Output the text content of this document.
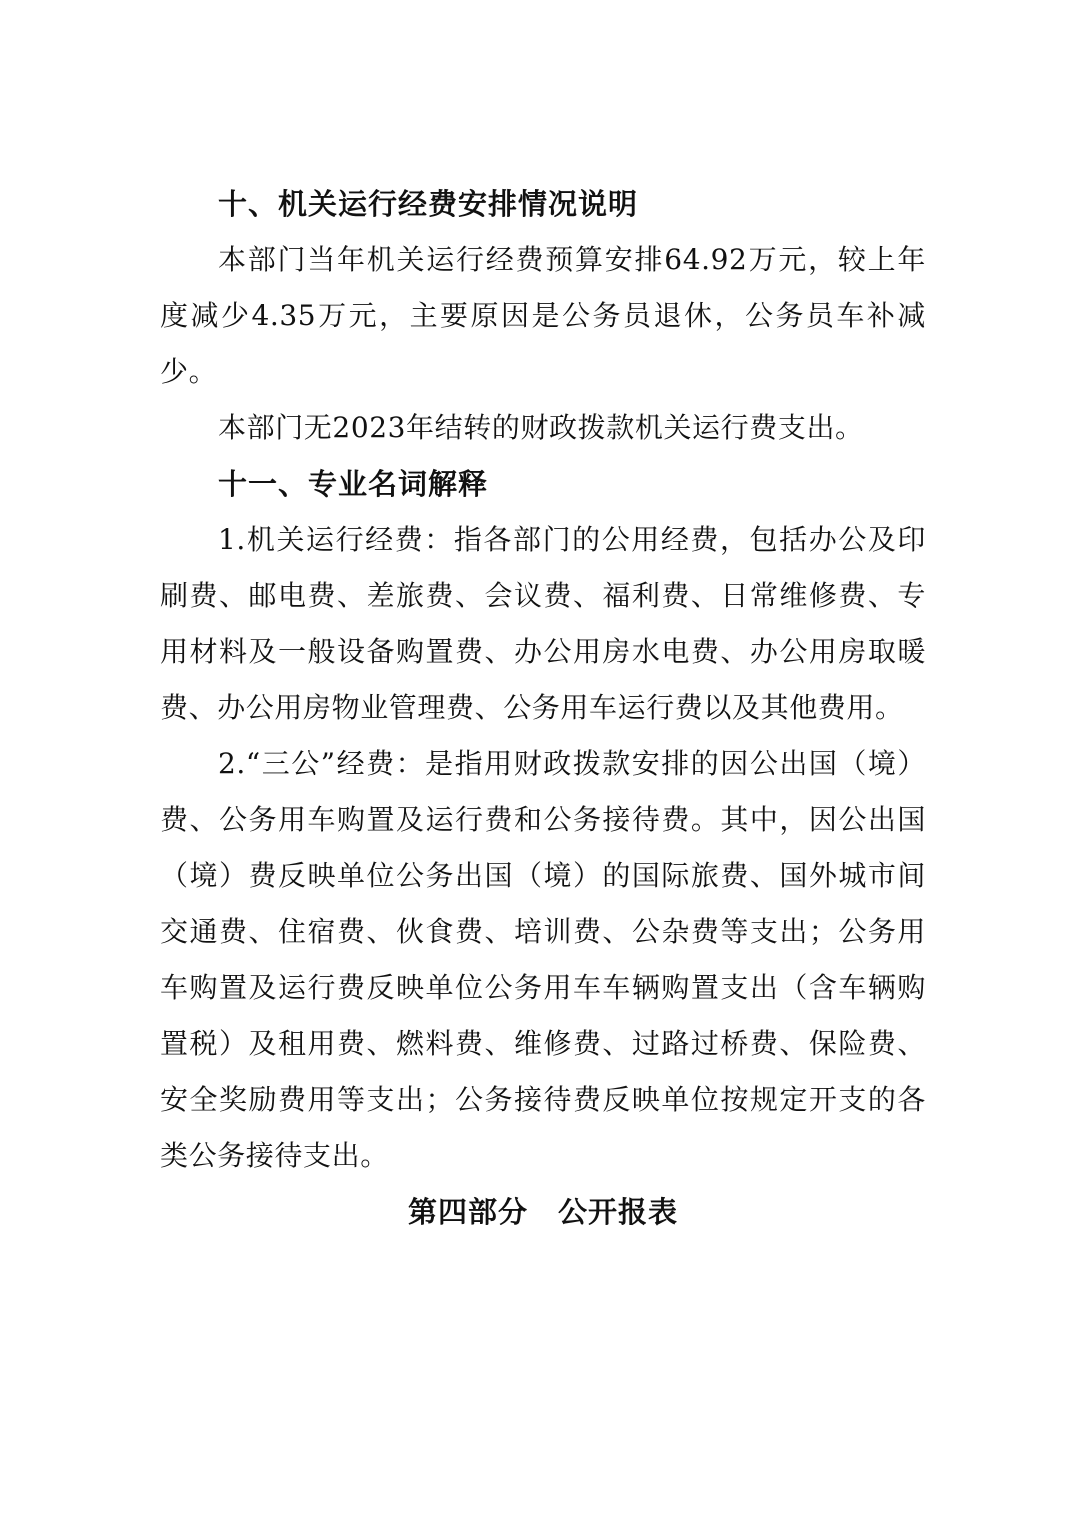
十、机关运行经费安排情况说明

本部门当年机关运行经费预算安排64.92万元，较上年度减少4.35万元，主要原因是公务员退休，公务员车补减少。

本部门无2023年结转的财政拨款机关运行费支出。

十一、专业名词解释

1.机关运行经费：指各部门的公用经费，包括办公及印刷费、邮电费、差旅费、会议费、福利费、日常维修费、专用材料及一般设备购置费、办公用房水电费、办公用房取暖费、办公用房物业管理费、公务用车运行费以及其他费用。

2.“三公”经费：是指用财政拨款安排的因公出国（境）费、公务用车购置及运行费和公务接待费。其中，因公出国（境）费反映单位公务出国（境）的国际旅费、国外城市间交通费、住宿费、伙食费、培训费、公杂费等支出；公务用车购置及运行费反映单位公务用车车辆购置支出（含车辆购置税）及租用费、燃料费、维修费、过路过桥费、保险费、安全奖励费用等支出；公务接待费反映单位按规定开支的各类公务接待支出。

第四部分　公开报表
